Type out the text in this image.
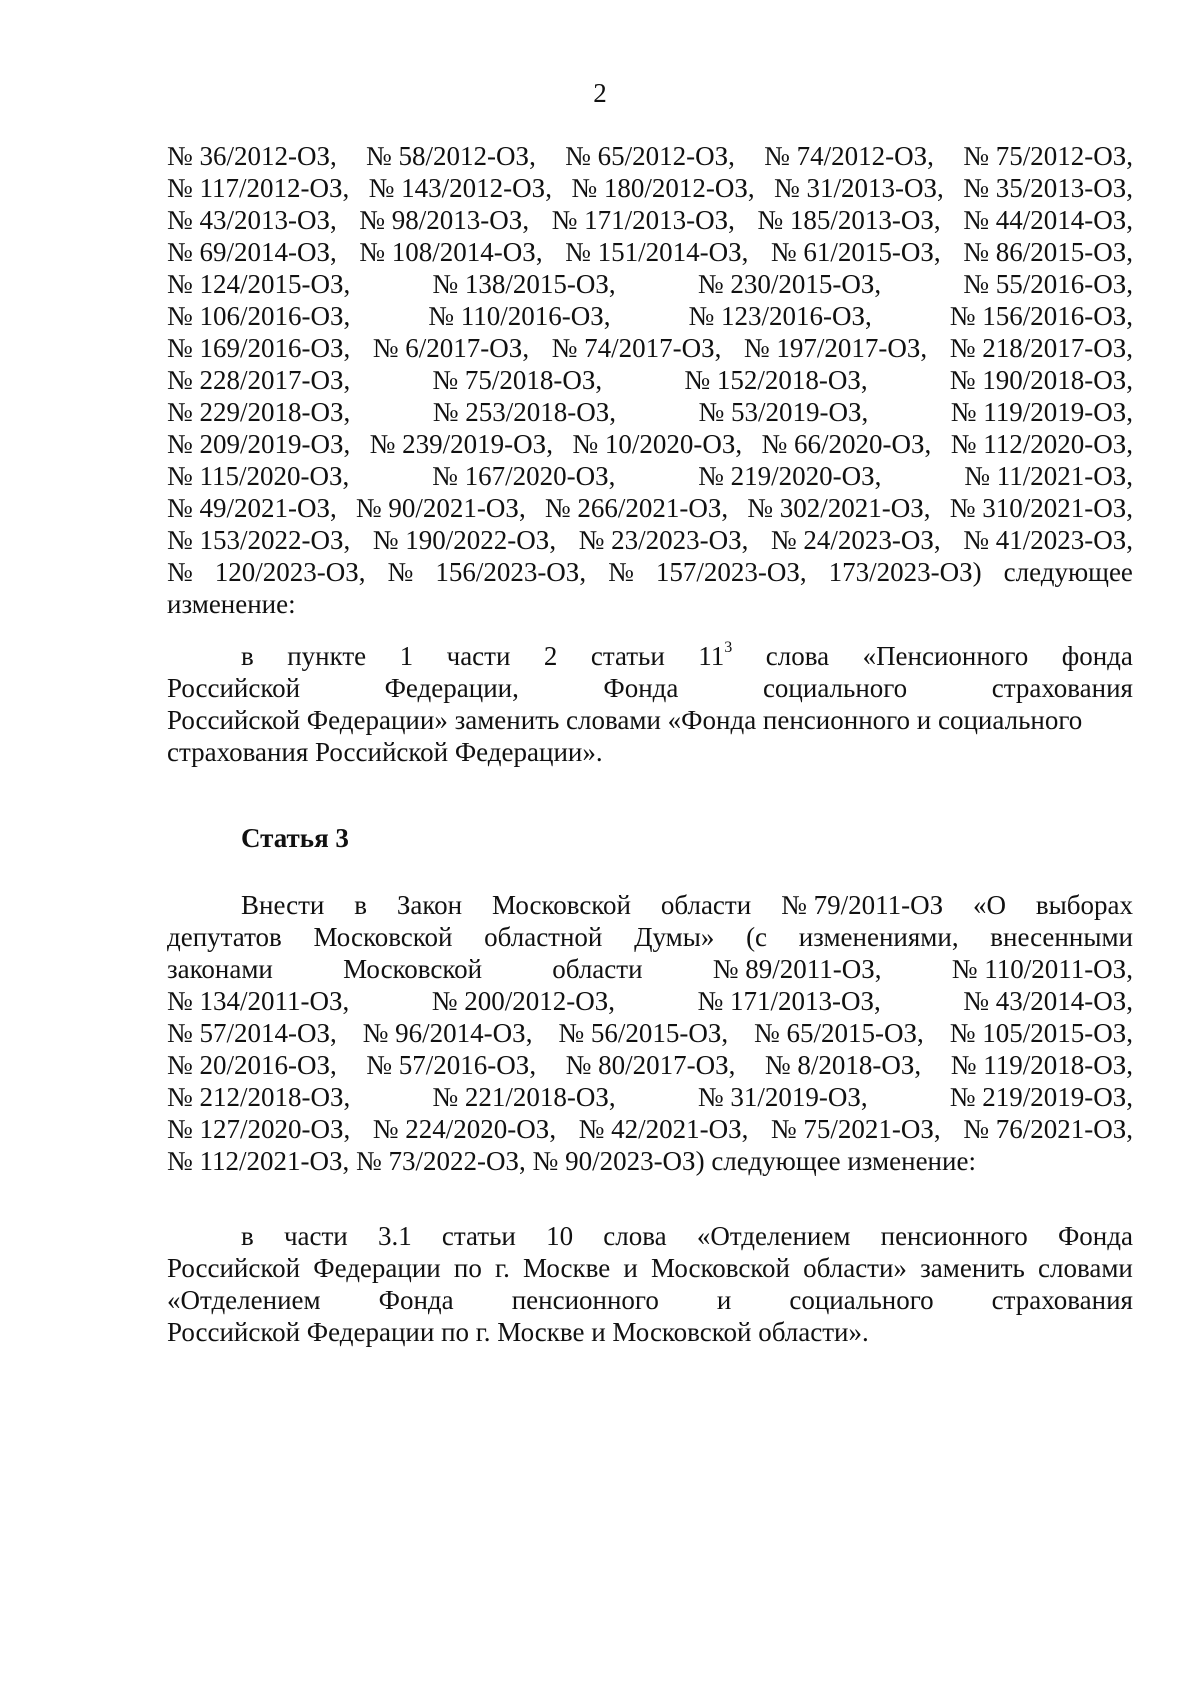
2
№ 36/2012-ОЗ, № 58/2012-ОЗ, № 65/2012-ОЗ, № 74/2012-ОЗ, № 75/2012-ОЗ,
№ 117/2012-ОЗ, № 143/2012-ОЗ, № 180/2012-ОЗ, № 31/2013-ОЗ, № 35/2013-ОЗ,
№ 43/2013-ОЗ, № 98/2013-ОЗ, № 171/2013-ОЗ, № 185/2013-ОЗ, № 44/2014-ОЗ,
№ 69/2014-ОЗ, № 108/2014-ОЗ, № 151/2014-ОЗ, № 61/2015-ОЗ, № 86/2015-ОЗ,
№ 124/2015-ОЗ,	№ 138/2015-ОЗ,	№ 230/2015-ОЗ,	№ 55/2016-ОЗ,
№ 106/2016-ОЗ,	№ 110/2016-ОЗ,	№ 123/2016-ОЗ,	№ 156/2016-ОЗ,
№ 169/2016-ОЗ, № 6/2017-ОЗ, № 74/2017-ОЗ, № 197/2017-ОЗ, № 218/2017-ОЗ,
№ 228/2017-ОЗ,	№ 75/2018-ОЗ,	№ 152/2018-ОЗ,	№ 190/2018-ОЗ,
№ 229/2018-ОЗ,	№ 253/2018-ОЗ,	№ 53/2019-ОЗ,	№ 119/2019-ОЗ,
№ 209/2019-ОЗ, № 239/2019-ОЗ, № 10/2020-ОЗ, № 66/2020-ОЗ, № 112/2020-ОЗ,
№ 115/2020-ОЗ,	№ 167/2020-ОЗ,	№ 219/2020-ОЗ,	№ 11/2021-ОЗ,
№ 49/2021-ОЗ, № 90/2021-ОЗ, № 266/2021-ОЗ, № 302/2021-ОЗ, № 310/2021-ОЗ,
№ 153/2022-ОЗ, № 190/2022-ОЗ, № 23/2023-ОЗ, № 24/2023-ОЗ, № 41/2023-ОЗ,
№ 120/2023-ОЗ, № 156/2023-ОЗ, № 157/2023-ОЗ, 173/2023-ОЗ) следующее
изменение:
в пункте 1 части 2 статьи $11^3$ слова «Пенсионного фонда
Российской	Федерации,	Фонда	социального	страхования
Российской Федерации» заменить словами «Фонда пенсионного и социального
страхования Российской Федерации».
Статья 3
Внести в Закон Московской области № 79/2011-ОЗ «О выборах
депутатов Московской областной Думы» (с изменениями, внесенными
законами	Московской	области	№ 89/2011-ОЗ,	№ 110/2011-ОЗ,
№ 134/2011-ОЗ,	№ 200/2012-ОЗ,	№ 171/2013-ОЗ,	№ 43/2014-ОЗ,
№ 57/2014-ОЗ, № 96/2014-ОЗ, № 56/2015-ОЗ, № 65/2015-ОЗ, № 105/2015-ОЗ,
№ 20/2016-ОЗ, № 57/2016-ОЗ, № 80/2017-ОЗ, № 8/2018-ОЗ, № 119/2018-ОЗ,
№ 212/2018-ОЗ,	№ 221/2018-ОЗ,	№ 31/2019-ОЗ,	№ 219/2019-ОЗ,
№ 127/2020-ОЗ, № 224/2020-ОЗ, № 42/2021-ОЗ, № 75/2021-ОЗ, № 76/2021-ОЗ,
№ 112/2021-ОЗ, № 73/2022-ОЗ, № 90/2023-ОЗ) следующее изменение:
в части 3.1 статьи 10 слова «Отделением пенсионного Фонда
Российской Федерации по г. Москве и Московской области» заменить словами
«Отделением Фонда пенсионного и социального страхования
Российской Федерации по г. Москве и Московской области».
